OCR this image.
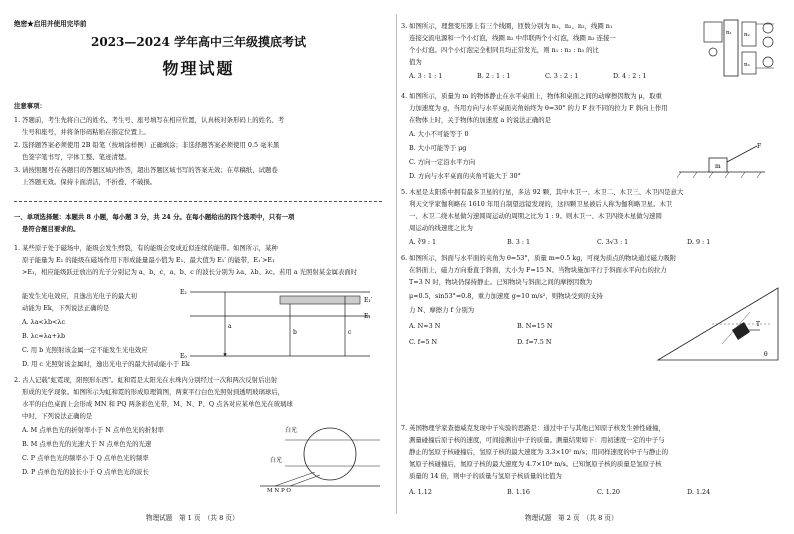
绝密★启用并使用完毕前
2023—2024 学年高中三年级摸底考试
物理试题
注意事项：
1. 答题前，考生先将自己的姓名、考生号、座号填写在相应位置，认真核对条形码上的姓名、考
生号和座号，并将条形码粘贴在指定位置上。
2. 选择题答案必须使用 2B 铅笔（按填涂样例）正确填涂；非选择题答案必须使用 0.5 毫米黑
色签字笔书写，字体工整、笔迹清楚。
3. 请按照题号在各题目的答题区域内作答，超出答题区域书写的答案无效；在草稿纸、试题卷
上答题无效。保持卡面清洁，不折叠、不破损。
一、单项选择题：本题共 8 小题，每小题 3 分，共 24 分。在每小题给出的四个选项中，只有一项
是符合题目要求的。
1. 某些原子处于磁场中，能级会发生劈裂，有的能级会变成近似连续的能带。如图所示，某种
原子能量为 E₁ 的能级在磁场作用下形成能量最小值为 E₁、最大值为 E₁′ 的能带，E₁′>E₁
>E₁，相应能级跃迁放出的光子分别记为 a、b、c，a、b、c 的波长分别为 λa、λb、λc。若用 a 光照射某金属表面时
能发生光电效应，且逸出光电子的最大初
动能为 Ek，下列说法正确的是
A. λa<λb<λc
B. λc=λa+λb
C. 用 b 光照射该金属一定不能发生光电效应
D. 用 c 光照射该金属时，逸出光电子的最大初动能小于 Ek
E₂
E₁′
E₁
E₀
a
b	c
2. 古人记载"虹霓现，阳照形东西"。虹和霓是太阳光在水珠内分别经过一次和两次反射后出射
形成的光学现象。如图所示为虹和霓的形成原理简图，两束平行白色光照射到透明玻璃球后，
水平的白色桌面上会形成 MN 和 PQ 两条彩色光带，M、N、P、Q 点各对应某单色光在玻璃球
中时，下列说法正确的是
A. M 点单色光的折射率小于 N 点单色光的折射率
B. M 点单色光的光速大于 N 点单色光的光速
C. P 点单色光的频率小于 Q 点单色光的频率
D. P 点单色光的波长小于 Q 点单色光的波长
白光
白光
M N P Q
物理试题　第 1 页　（共 8 页）
3. 如图所示，理想变压器上有三个线圈，匝数分别为 n₁、n₂、n₃，线圈 n₁
连接交流电源和一个小灯泡，线圈 n₂ 中串联两个小灯泡，线圈 n₃ 连接一
个小灯泡。四个小灯泡完全相同且均正常发光，则 n₁ : n₂ : n₃ 的比
值为
A. 3 : 1 : 1	B. 2 : 1 : 1	C. 3 : 2 : 1	D. 4 : 2 : 1
n₁ n₂
n₃
4. 如图所示，质量为 m 的物体静止在水平桌面上，物体和桌面之间的动摩擦因数为 μ，取重
力加速度为 g，当用方向与水平桌面夹角始终为 θ=30° 的力 F 拉不同的拉力 F 斜向上作用
在物体上时，关于物体的加速度 a 的说法正确的是
A. 大小不可能等于 0
B. 大小可能等于 μg
C. 方向一定沿水平方向
D. 方向与水平桌面的夹角可能大于 30°
m
F
5. 木星是太阳系中拥有最多卫星的行星，多达 92 颗，其中木卫一、木卫二、木卫三、木卫四是意大
利天文学家伽利略在 1610 年用自制望远镜发现的，这四颗卫星被后人称为伽利略卫星。木卫
一、木卫二绕木星做匀速圆周运动的周期之比为 1 : 9。则木卫一、木卫四绕木星做匀速圆
周运动的线速度之比为
A. ∛9 : 1	B. 3 : 1	C. 3√3 : 1	D. 9 : 1
6. 如图所示，斜面与水平面的夹角为 θ=53°，质量 m=0.5 kg，可视为质点的物块通过磁力吸附
在斜面上，磁力方向垂直于斜面，大小为 F=15 N。当物块施加平行于斜面水平向右的拉力
T=3 N 时，物块仍保持静止。已知物块与斜面之间的摩擦因数为
μ=0.5，sin53°=0.8，重力加速度 g=10 m/s²，则物块受到的支持
力 N、摩擦力 f 分别为
A. N=3 N	B. N=15 N
C. f=5 N	D. f=7.5 N
T
θ
7. 英国物理学家查德威克发现中子实验的思路是：通过中子与其他已知原子核发生弹性碰撞，
测量碰撞后原子核的速度，可间接测出中子的质量。测量结果如下：用初速度一定的中子与
静止的氢原子核碰撞后，氢原子核的最大速度为 3.3×10⁷ m/s；用同样速度的中子与静止的
氮原子核碰撞后，氮原子核的最大速度为 4.7×10⁶ m/s。已知氮原子核的质量是氢原子核
质量的 14 倍，则中子的质量与氢原子核质量的比值为
A. 1.12	B. 1.16	C. 1.20	D. 1.24
物理试题　第 2 页　（共 8 页）
